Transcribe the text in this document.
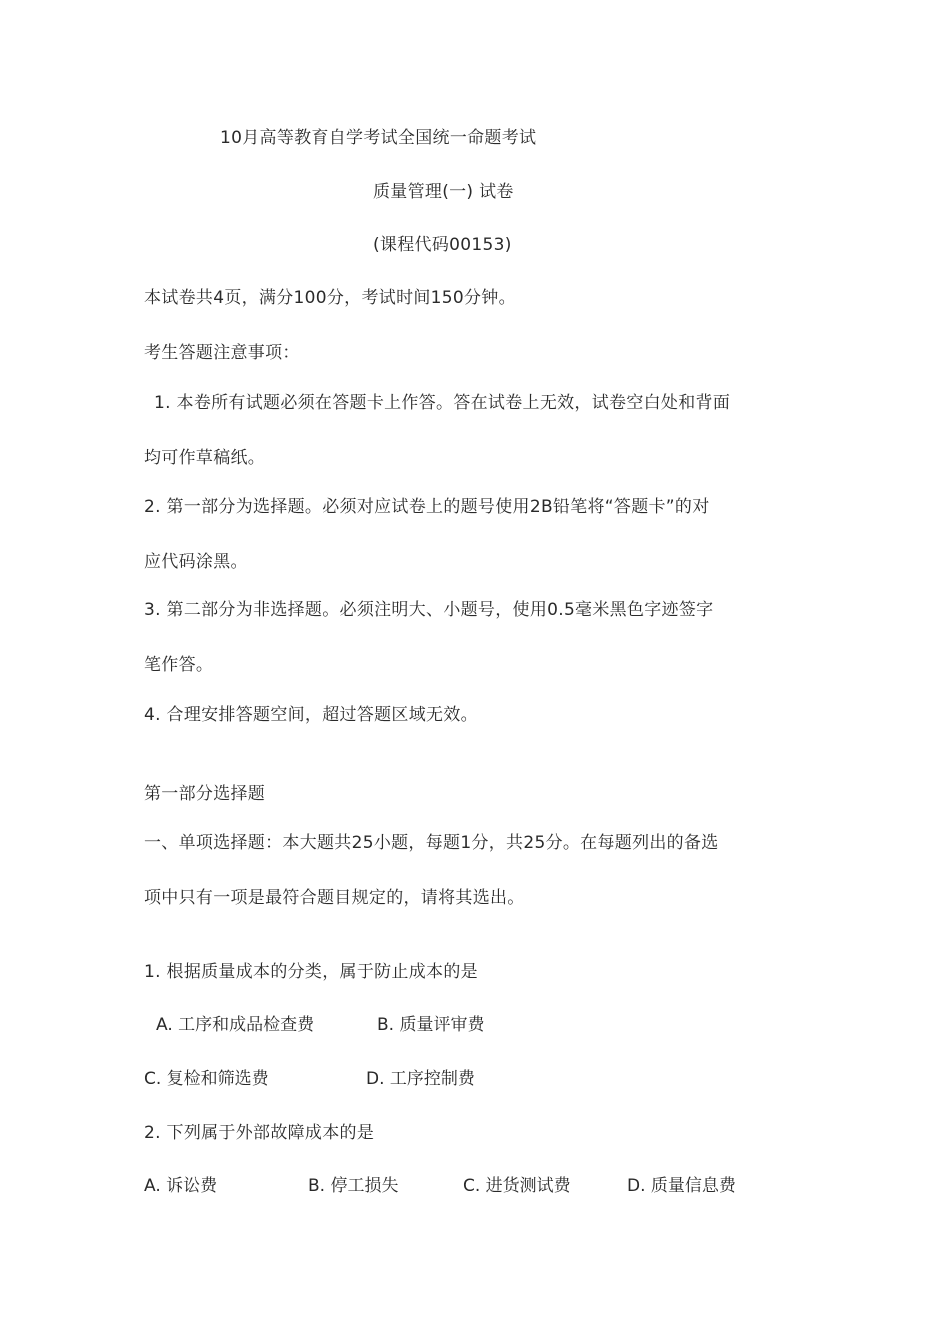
10月高等教育自学考试全国统一命题考试
质量管理(一) 试卷
(课程代码00153)
本试卷共4页，满分100分，考试时间150分钟。
考生答题注意事项：
1. 本卷所有试题必须在答题卡上作答。答在试卷上无效，试卷空白处和背面
均可作草稿纸。
2. 第一部分为选择题。必须对应试卷上的题号使用2B铅笔将“答题卡”的对
应代码涂黑。
3. 第二部分为非选择题。必须注明大、小题号，使用0.5毫米黑色字迹签字
笔作答。
4. 合理安排答题空间，超过答题区域无效。
第一部分选择题
一、单项选择题：本大题共25小题，每题1分，共25分。在每题列出的备选
项中只有一项是最符合题目规定的，请将其选出。
1. 根据质量成本的分类，属于防止成本的是
A. 工序和成品检查费	B. 质量评审费
C. 复检和筛选费	D. 工序控制费
2. 下列属于外部故障成本的是
A. 诉讼费	B. 停工损失	C. 进货测试费	D. 质量信息费
